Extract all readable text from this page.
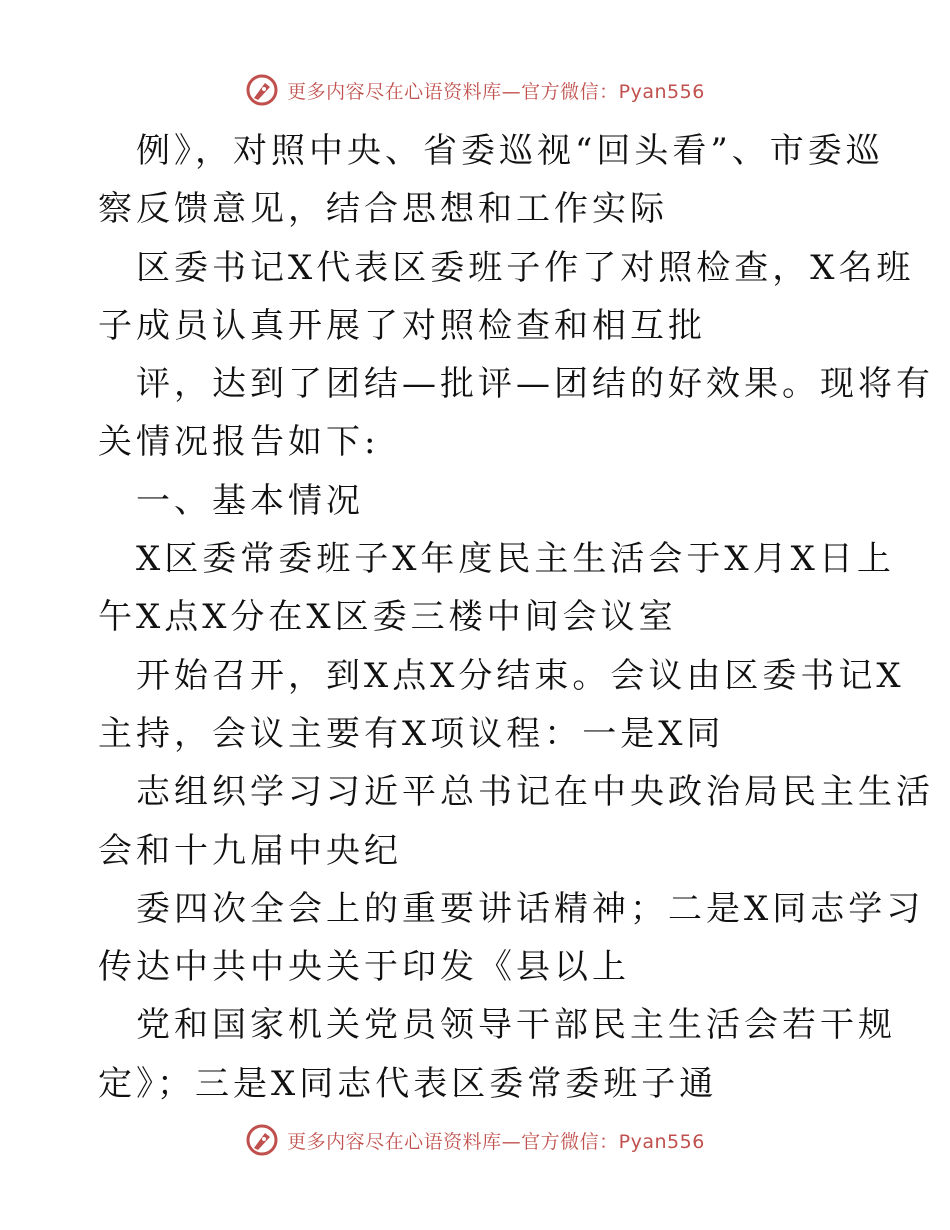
更多内容尽在心语资料库—官方微信：Pyan556
例》，对照中央、省委巡视“回头看”、市委巡
察反馈意见，结合思想和工作实际
区委书记X代表区委班子作了对照检查，X名班
子成员认真开展了对照检查和相互批
评，达到了团结—批评—团结的好效果。现将有
关情况报告如下:
一、基本情况
X区委常委班子X年度民主生活会于X月X日上
午X点X分在X区委三楼中间会议室
开始召开，到X点X分结束。会议由区委书记X
主持，会议主要有X项议程：一是X同
志组织学习习近平总书记在中央政治局民主生活
会和十九届中央纪
委四次全会上的重要讲话精神；二是X同志学习
传达中共中央关于印发《县以上
党和国家机关党员领导干部民主生活会若干规
定》；三是X同志代表区委常委班子通
更多内容尽在心语资料库—官方微信：Pyan556
